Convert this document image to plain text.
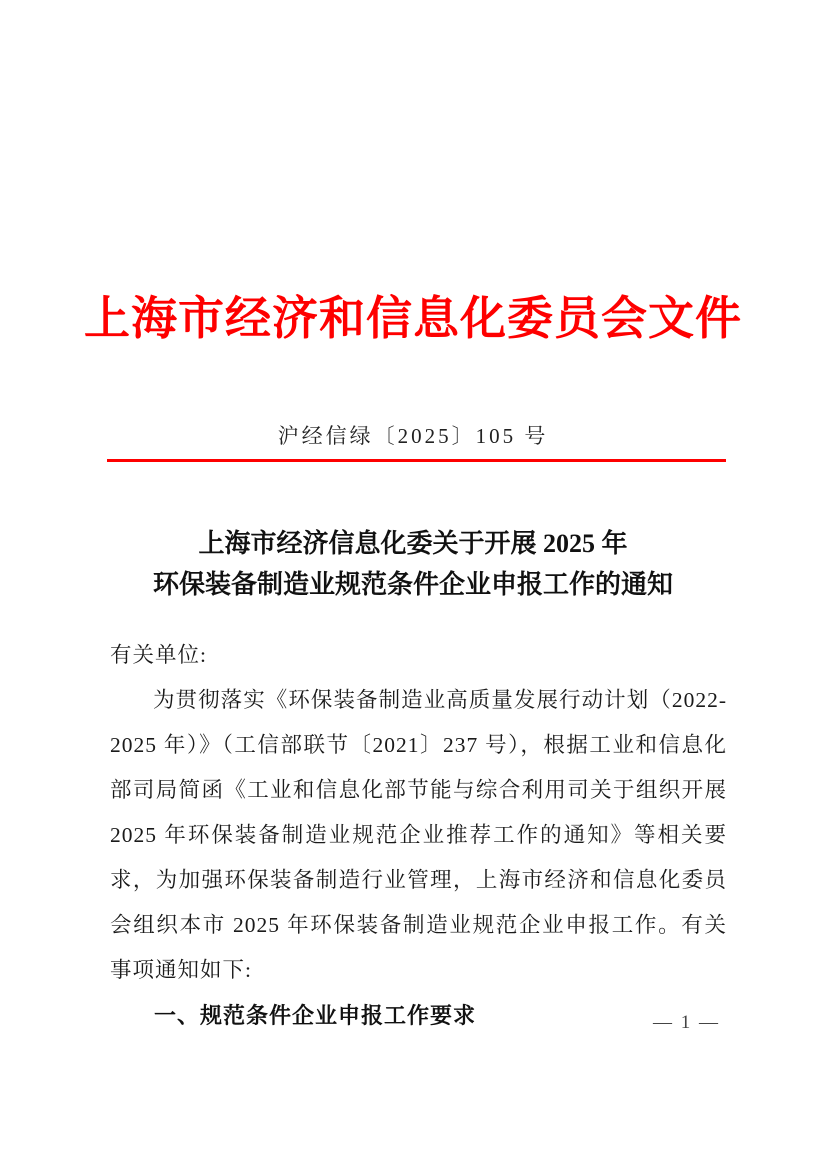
上海市经济和信息化委员会文件
沪经信绿〔2025〕105 号
上海市经济信息化委关于开展 2025 年
环保装备制造业规范条件企业申报工作的通知
有关单位:
为贯彻落实《环保装备制造业高质量发展行动计划（2022-2025 年）》（工信部联节〔2021〕237 号），根据工业和信息化部司局简函《工业和信息化部节能与综合利用司关于组织开展 2025 年环保装备制造业规范企业推荐工作的通知》等相关要求，为加强环保装备制造行业管理，上海市经济和信息化委员会组织本市 2025 年环保装备制造业规范企业申报工作。有关事项通知如下:
一、规范条件企业申报工作要求	— 1 —
